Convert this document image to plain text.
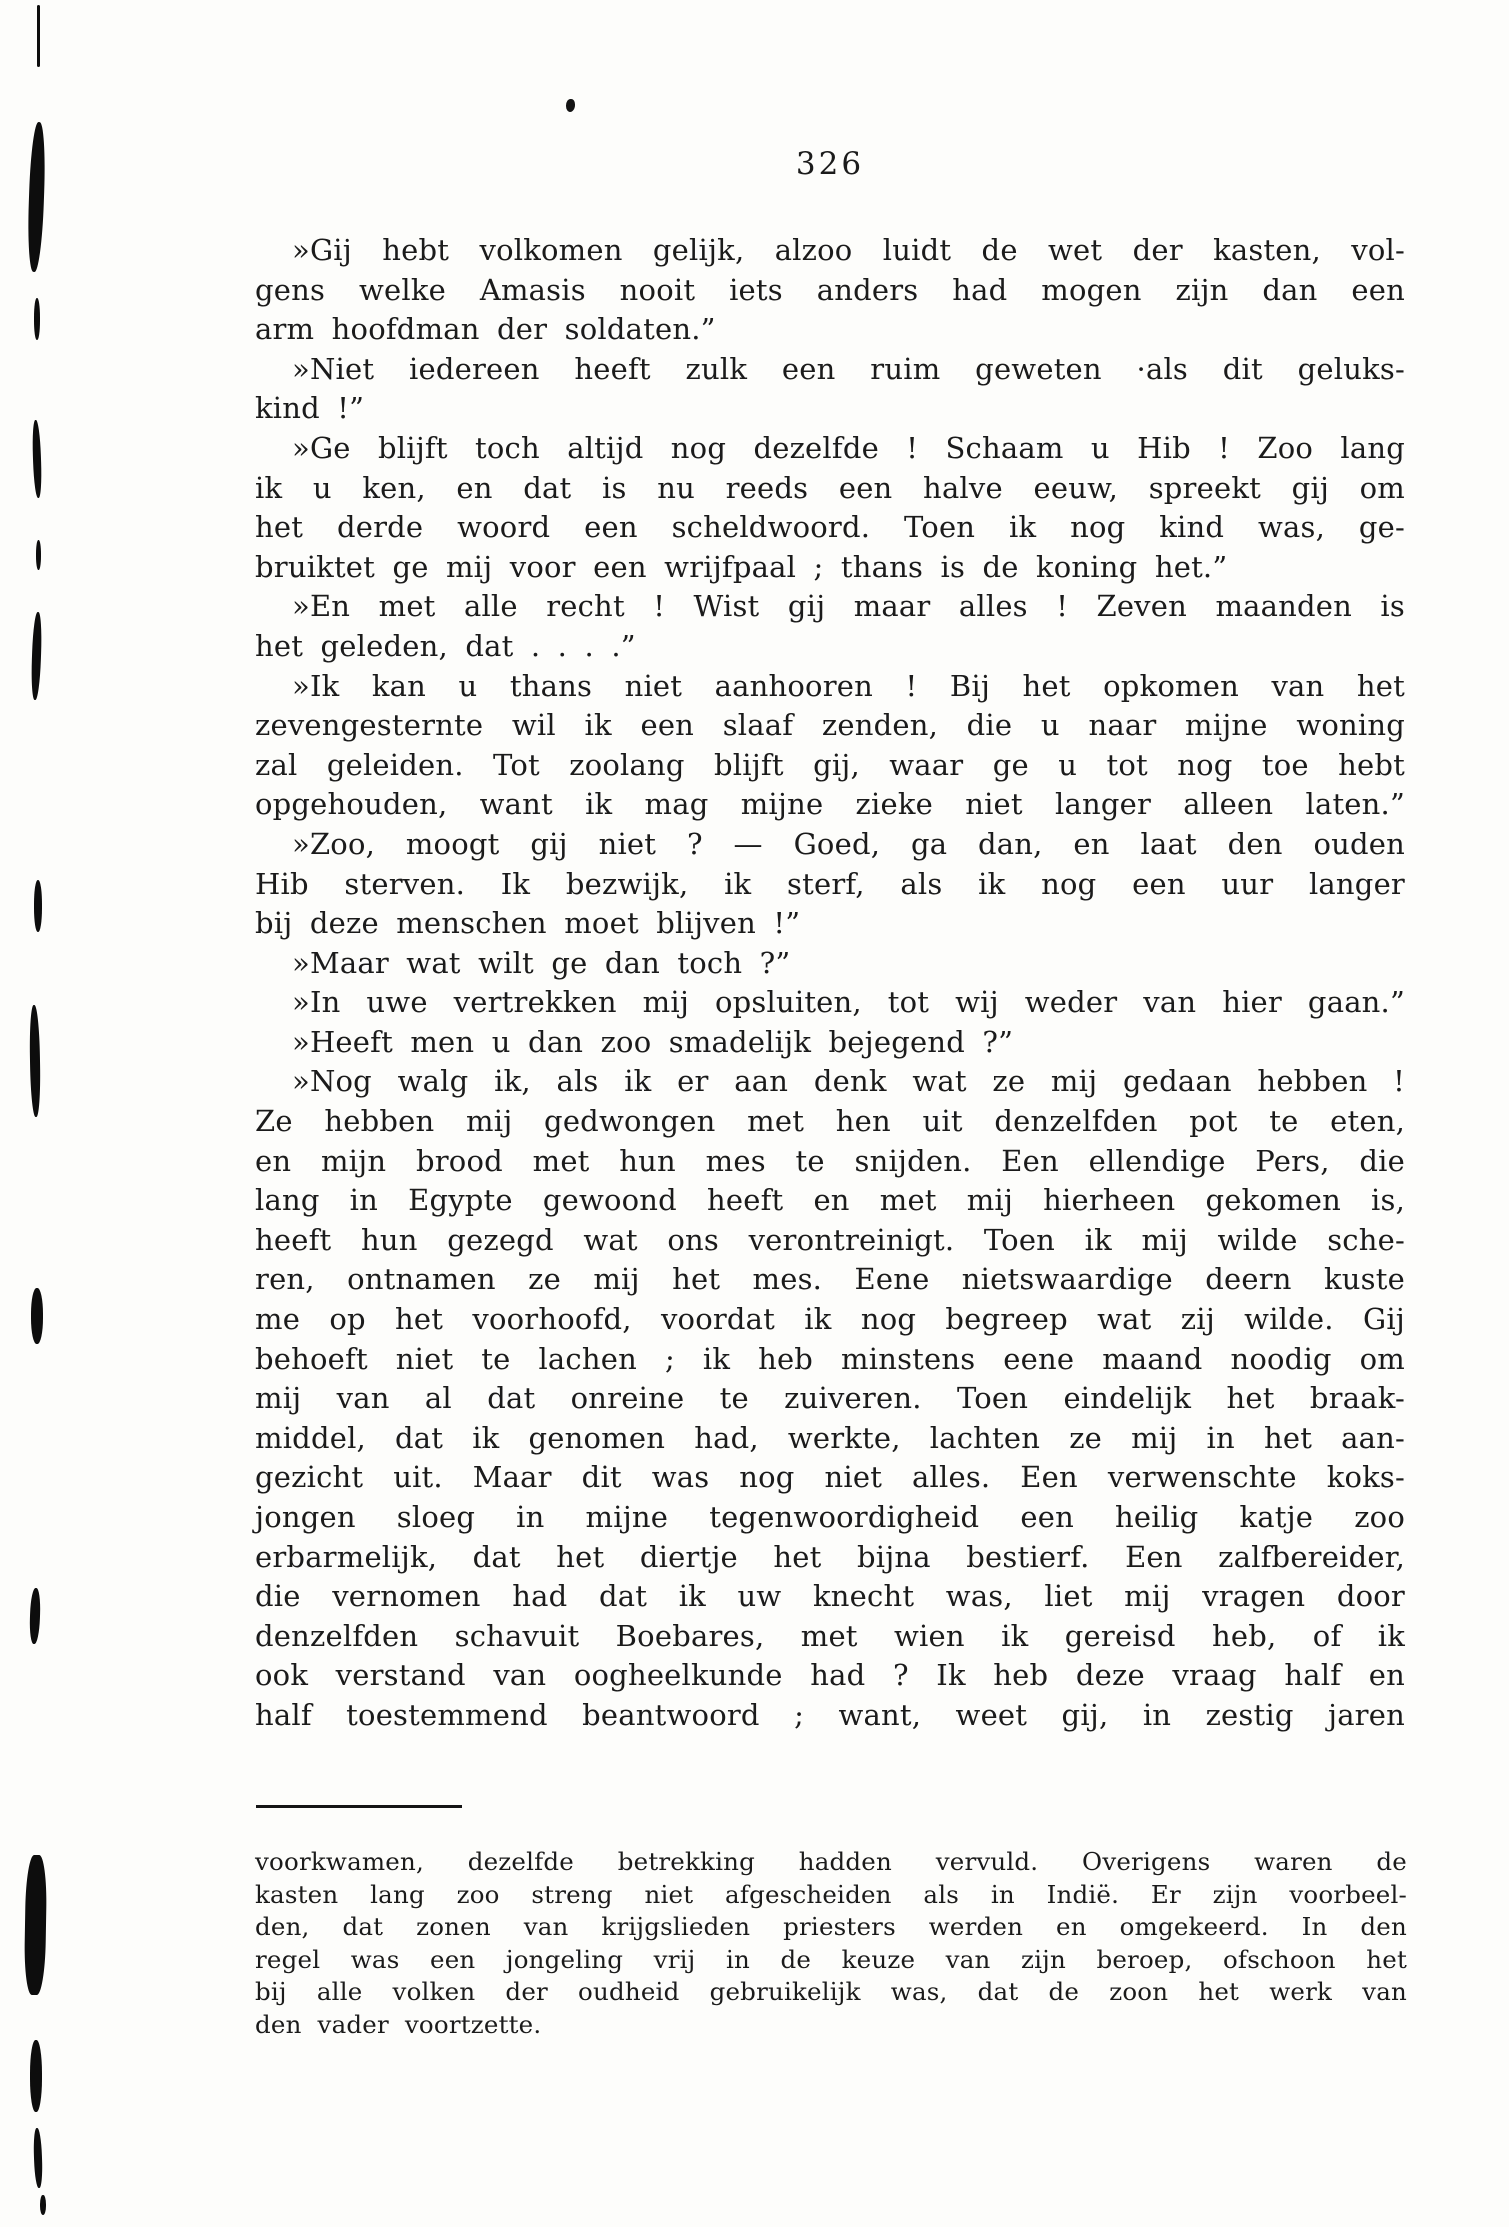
326
»Gij hebt volkomen gelijk, alzoo luidt de wet der kasten, vol-
gens welke Amasis nooit iets anders had mogen zijn dan een
arm hoofdman der soldaten.”
»Niet iedereen heeft zulk een ruim geweten ·als dit geluks-
kind !”
»Ge blijft toch altijd nog dezelfde ! Schaam u Hib ! Zoo lang
ik u ken, en dat is nu reeds een halve eeuw, spreekt gij om
het derde woord een scheldwoord. Toen ik nog kind was, ge-
bruiktet ge mij voor een wrijfpaal ; thans is de koning het.”
»En met alle recht ! Wist gij maar alles ! Zeven maanden is
het geleden, dat . . . .”
»Ik kan u thans niet aanhooren ! Bij het opkomen van het
zevengesternte wil ik een slaaf zenden, die u naar mijne woning
zal geleiden. Tot zoolang blijft gij, waar ge u tot nog toe hebt
opgehouden, want ik mag mijne zieke niet langer alleen laten.”
»Zoo, moogt gij niet ? — Goed, ga dan, en laat den ouden
Hib sterven. Ik bezwijk, ik sterf, als ik nog een uur langer
bij deze menschen moet blijven !”
»Maar wat wilt ge dan toch ?”
»In uwe vertrekken mij opsluiten, tot wij weder van hier gaan.”
»Heeft men u dan zoo smadelijk bejegend ?”
»Nog walg ik, als ik er aan denk wat ze mij gedaan hebben !
Ze hebben mij gedwongen met hen uit denzelfden pot te eten,
en mijn brood met hun mes te snijden. Een ellendige Pers, die
lang in Egypte gewoond heeft en met mij hierheen gekomen is,
heeft hun gezegd wat ons verontreinigt. Toen ik mij wilde sche-
ren, ontnamen ze mij het mes. Eene nietswaardige deern kuste
me op het voorhoofd, voordat ik nog begreep wat zij wilde. Gij
behoeft niet te lachen ; ik heb minstens eene maand noodig om
mij van al dat onreine te zuiveren. Toen eindelijk het braak-
middel, dat ik genomen had, werkte, lachten ze mij in het aan-
gezicht uit. Maar dit was nog niet alles. Een verwenschte koks-
jongen sloeg in mijne tegenwoordigheid een heilig katje zoo
erbarmelijk, dat het diertje het bijna bestierf. Een zalfbereider,
die vernomen had dat ik uw knecht was, liet mij vragen door
denzelfden schavuit Boebares, met wien ik gereisd heb, of ik
ook verstand van oogheelkunde had ? Ik heb deze vraag half en
half toestemmend beantwoord ; want, weet gij, in zestig jaren
voorkwamen, dezelfde betrekking hadden vervuld. Overigens waren de
kasten lang zoo streng niet afgescheiden als in Indië. Er zijn voorbeel-
den, dat zonen van krijgslieden priesters werden en omgekeerd. In den
regel was een jongeling vrij in de keuze van zijn beroep, ofschoon het
bij alle volken der oudheid gebruikelijk was, dat de zoon het werk van
den vader voortzette.
